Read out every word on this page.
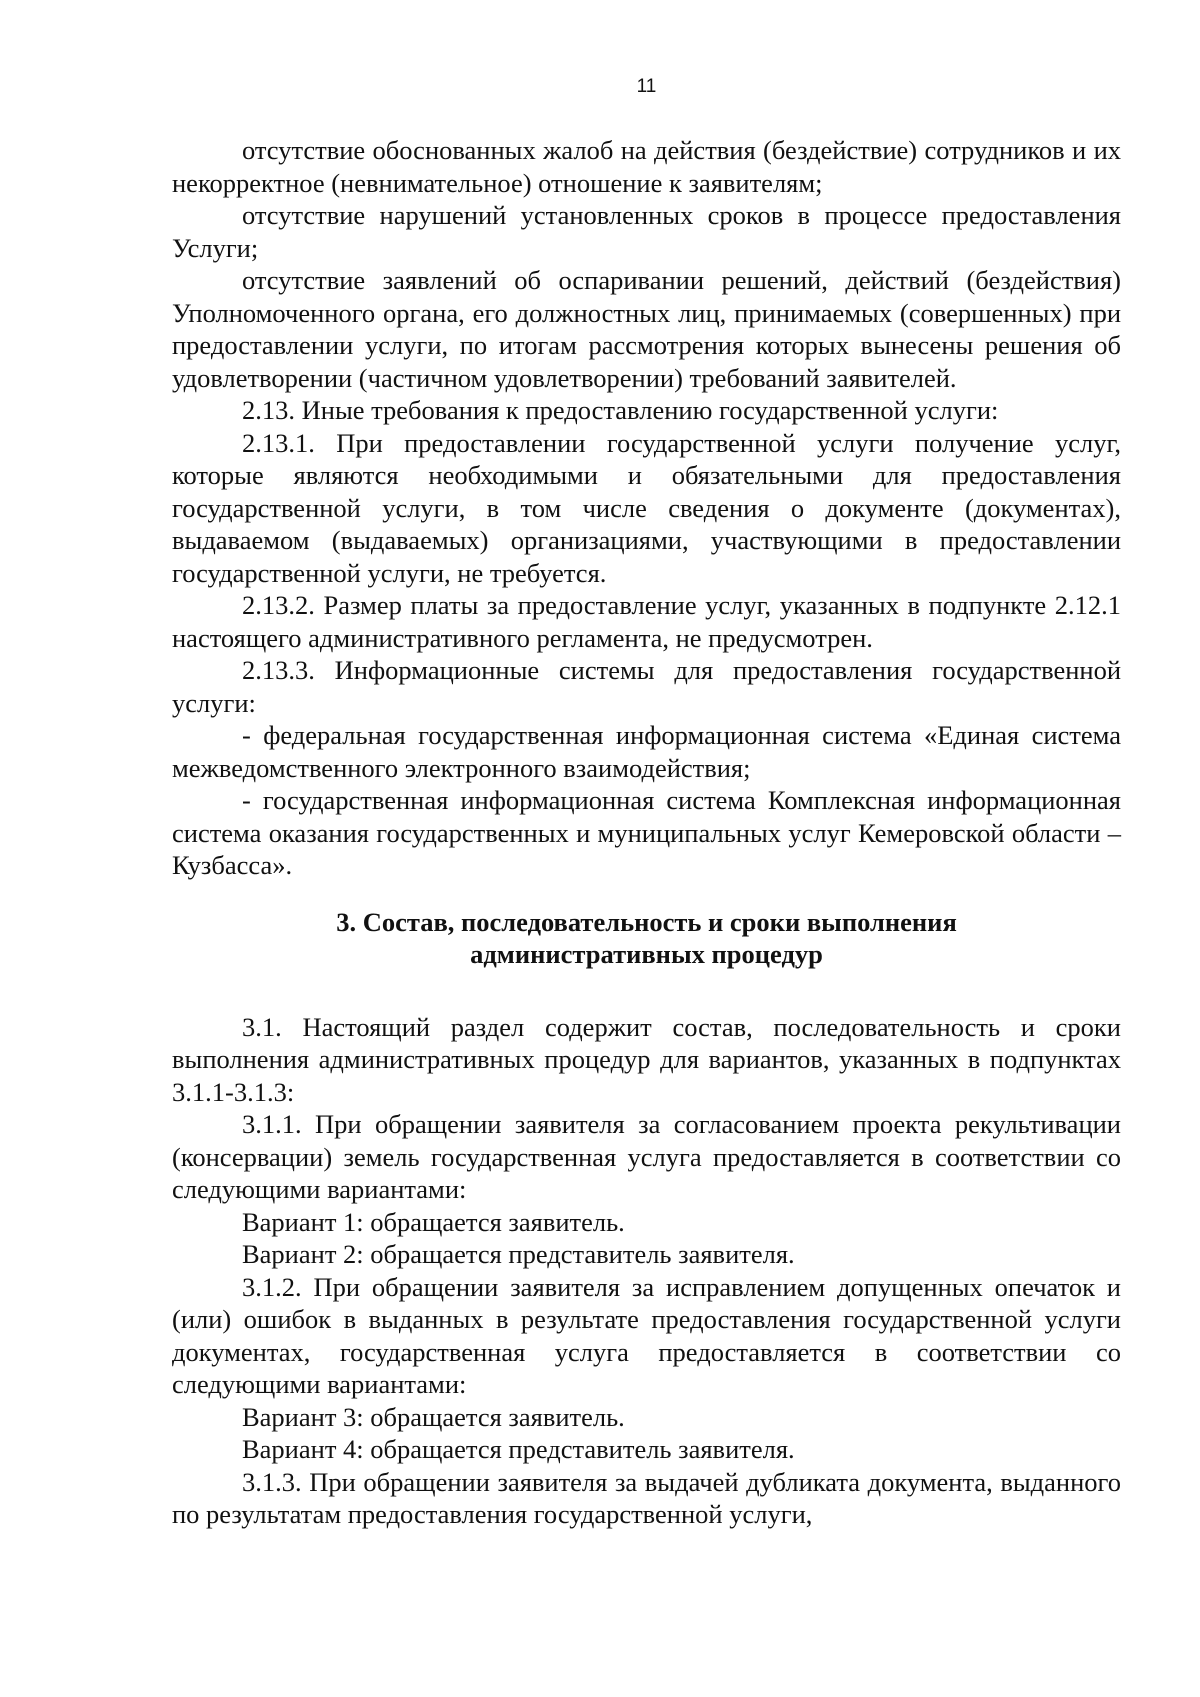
11

отсутствие обоснованных жалоб на действия (бездействие) сотрудников и их некорректное (невнимательное) отношение к заявителям;

отсутствие нарушений установленных сроков в процессе предоставления Услуги;

отсутствие заявлений об оспаривании решений, действий (бездействия) Уполномоченного органа, его должностных лиц, принимаемых (совершенных) при предоставлении услуги, по итогам рассмотрения которых вынесены решения об удовлетворении (частичном удовлетворении) требований заявителей.

2.13. Иные требования к предоставлению государственной услуги:

2.13.1. При предоставлении государственной услуги получение услуг, которые являются необходимыми и обязательными для предоставления государственной услуги, в том числе сведения о документе (документах), выдаваемом (выдаваемых) организациями, участвующими в предоставлении государственной услуги, не требуется.

2.13.2. Размер платы за предоставление услуг, указанных в подпункте 2.12.1 настоящего административного регламента, не предусмотрен.

2.13.3. Информационные системы для предоставления государственной услуги:

- федеральная государственная информационная система «Единая система межведомственного электронного взаимодействия;

- государственная информационная система Комплексная информационная система оказания государственных и муниципальных услуг Кемеровской области – Кузбасса».

3. Состав, последовательность и сроки выполнения

административных процедур

3.1. Настоящий раздел содержит состав, последовательность и сроки выполнения административных процедур для вариантов, указанных в подпунктах 3.1.1-3.1.3:

3.1.1. При обращении заявителя за согласованием проекта рекультивации (консервации) земель государственная услуга предоставляется в соответствии со следующими вариантами:

Вариант 1: обращается заявитель.

Вариант 2: обращается представитель заявителя.

3.1.2. При обращении заявителя за исправлением допущенных опечаток и (или) ошибок в выданных в результате предоставления государственной услуги документах, государственная услуга предоставляется в соответствии со следующими вариантами:

Вариант 3: обращается заявитель.

Вариант 4: обращается представитель заявителя.

3.1.3. При обращении заявителя за выдачей дубликата документа, выданного по результатам предоставления государственной услуги,
